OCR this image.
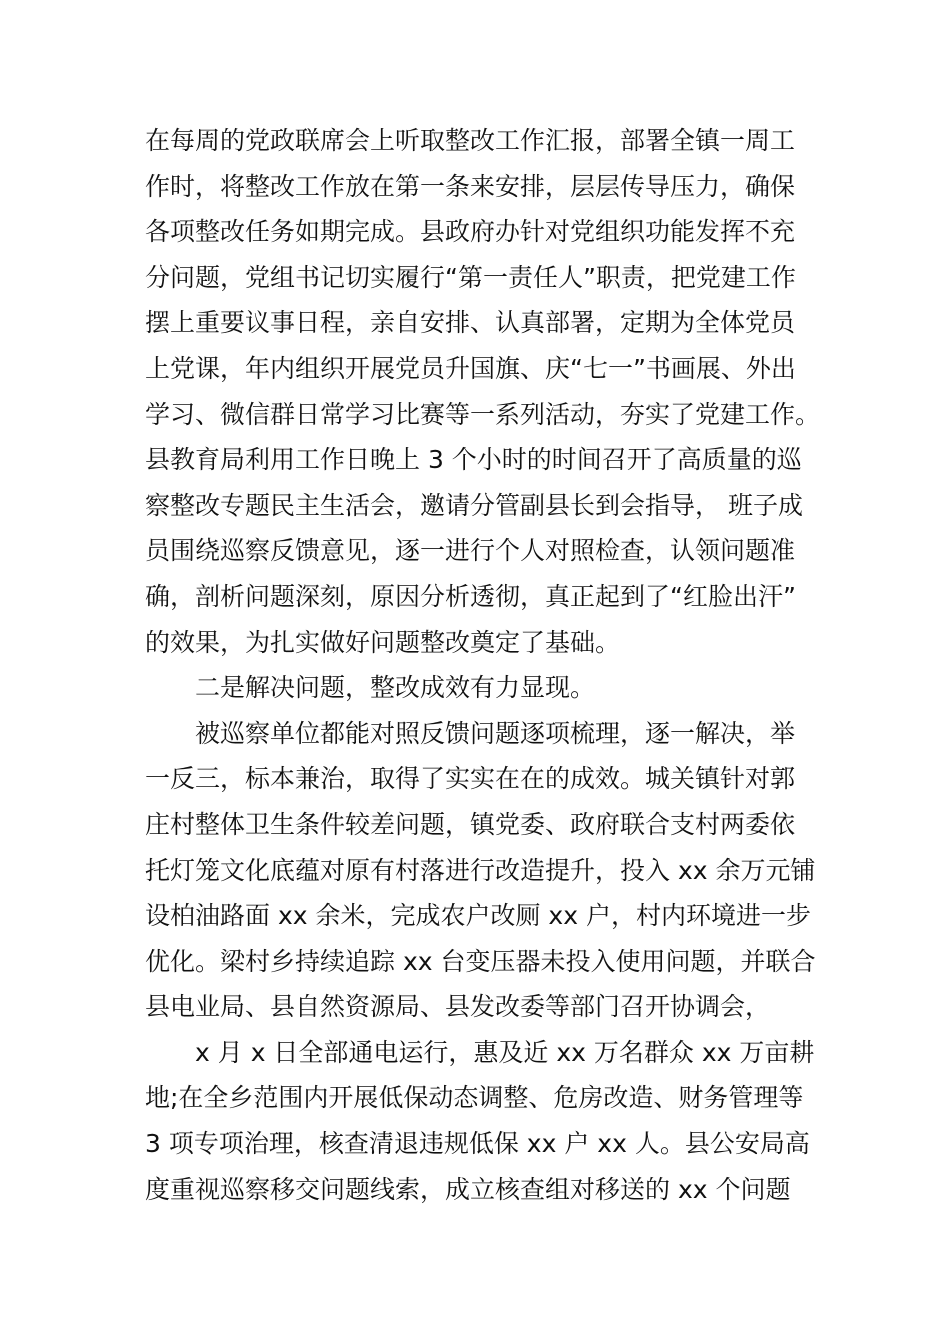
在每周的党政联席会上听取整改工作汇报，部署全镇一周工
作时，将整改工作放在第一条来安排，层层传导压力，确保
各项整改任务如期完成。县政府办针对党组织功能发挥不充
分问题，党组书记切实履行“第一责任人”职责，把党建工作
摆上重要议事日程，亲自安排、认真部署，定期为全体党员
上党课，年内组织开展党员升国旗、庆“七一”书画展、外出
学习、微信群日常学习比赛等一系列活动，夯实了党建工作。
县教育局利用工作日晚上 3 个小时的时间召开了高质量的巡
察整改专题民主生活会，邀请分管副县长到会指导， 班子成
员围绕巡察反馈意见，逐一进行个人对照检查，认领问题准
确，剖析问题深刻，原因分析透彻，真正起到了“红脸出汗”
的效果，为扎实做好问题整改奠定了基础。
二是解决问题，整改成效有力显现。
被巡察单位都能对照反馈问题逐项梳理，逐一解决，举
一反三，标本兼治，取得了实实在在的成效。城关镇针对郭
庄村整体卫生条件较差问题，镇党委、政府联合支村两委依
托灯笼文化底蕴对原有村落进行改造提升，投入 xx 余万元铺
设柏油路面 xx 余米，完成农户改厕 xx 户，村内环境进一步
优化。梁村乡持续追踪 xx 台变压器未投入使用问题，并联合
县电业局、县自然资源局、县发改委等部门召开协调会，
x 月 x 日全部通电运行，惠及近 xx 万名群众 xx 万亩耕
地;在全乡范围内开展低保动态调整、危房改造、财务管理等
3 项专项治理，核查清退违规低保 xx 户 xx 人。县公安局高
度重视巡察移交问题线索，成立核查组对移送的 xx 个问题
